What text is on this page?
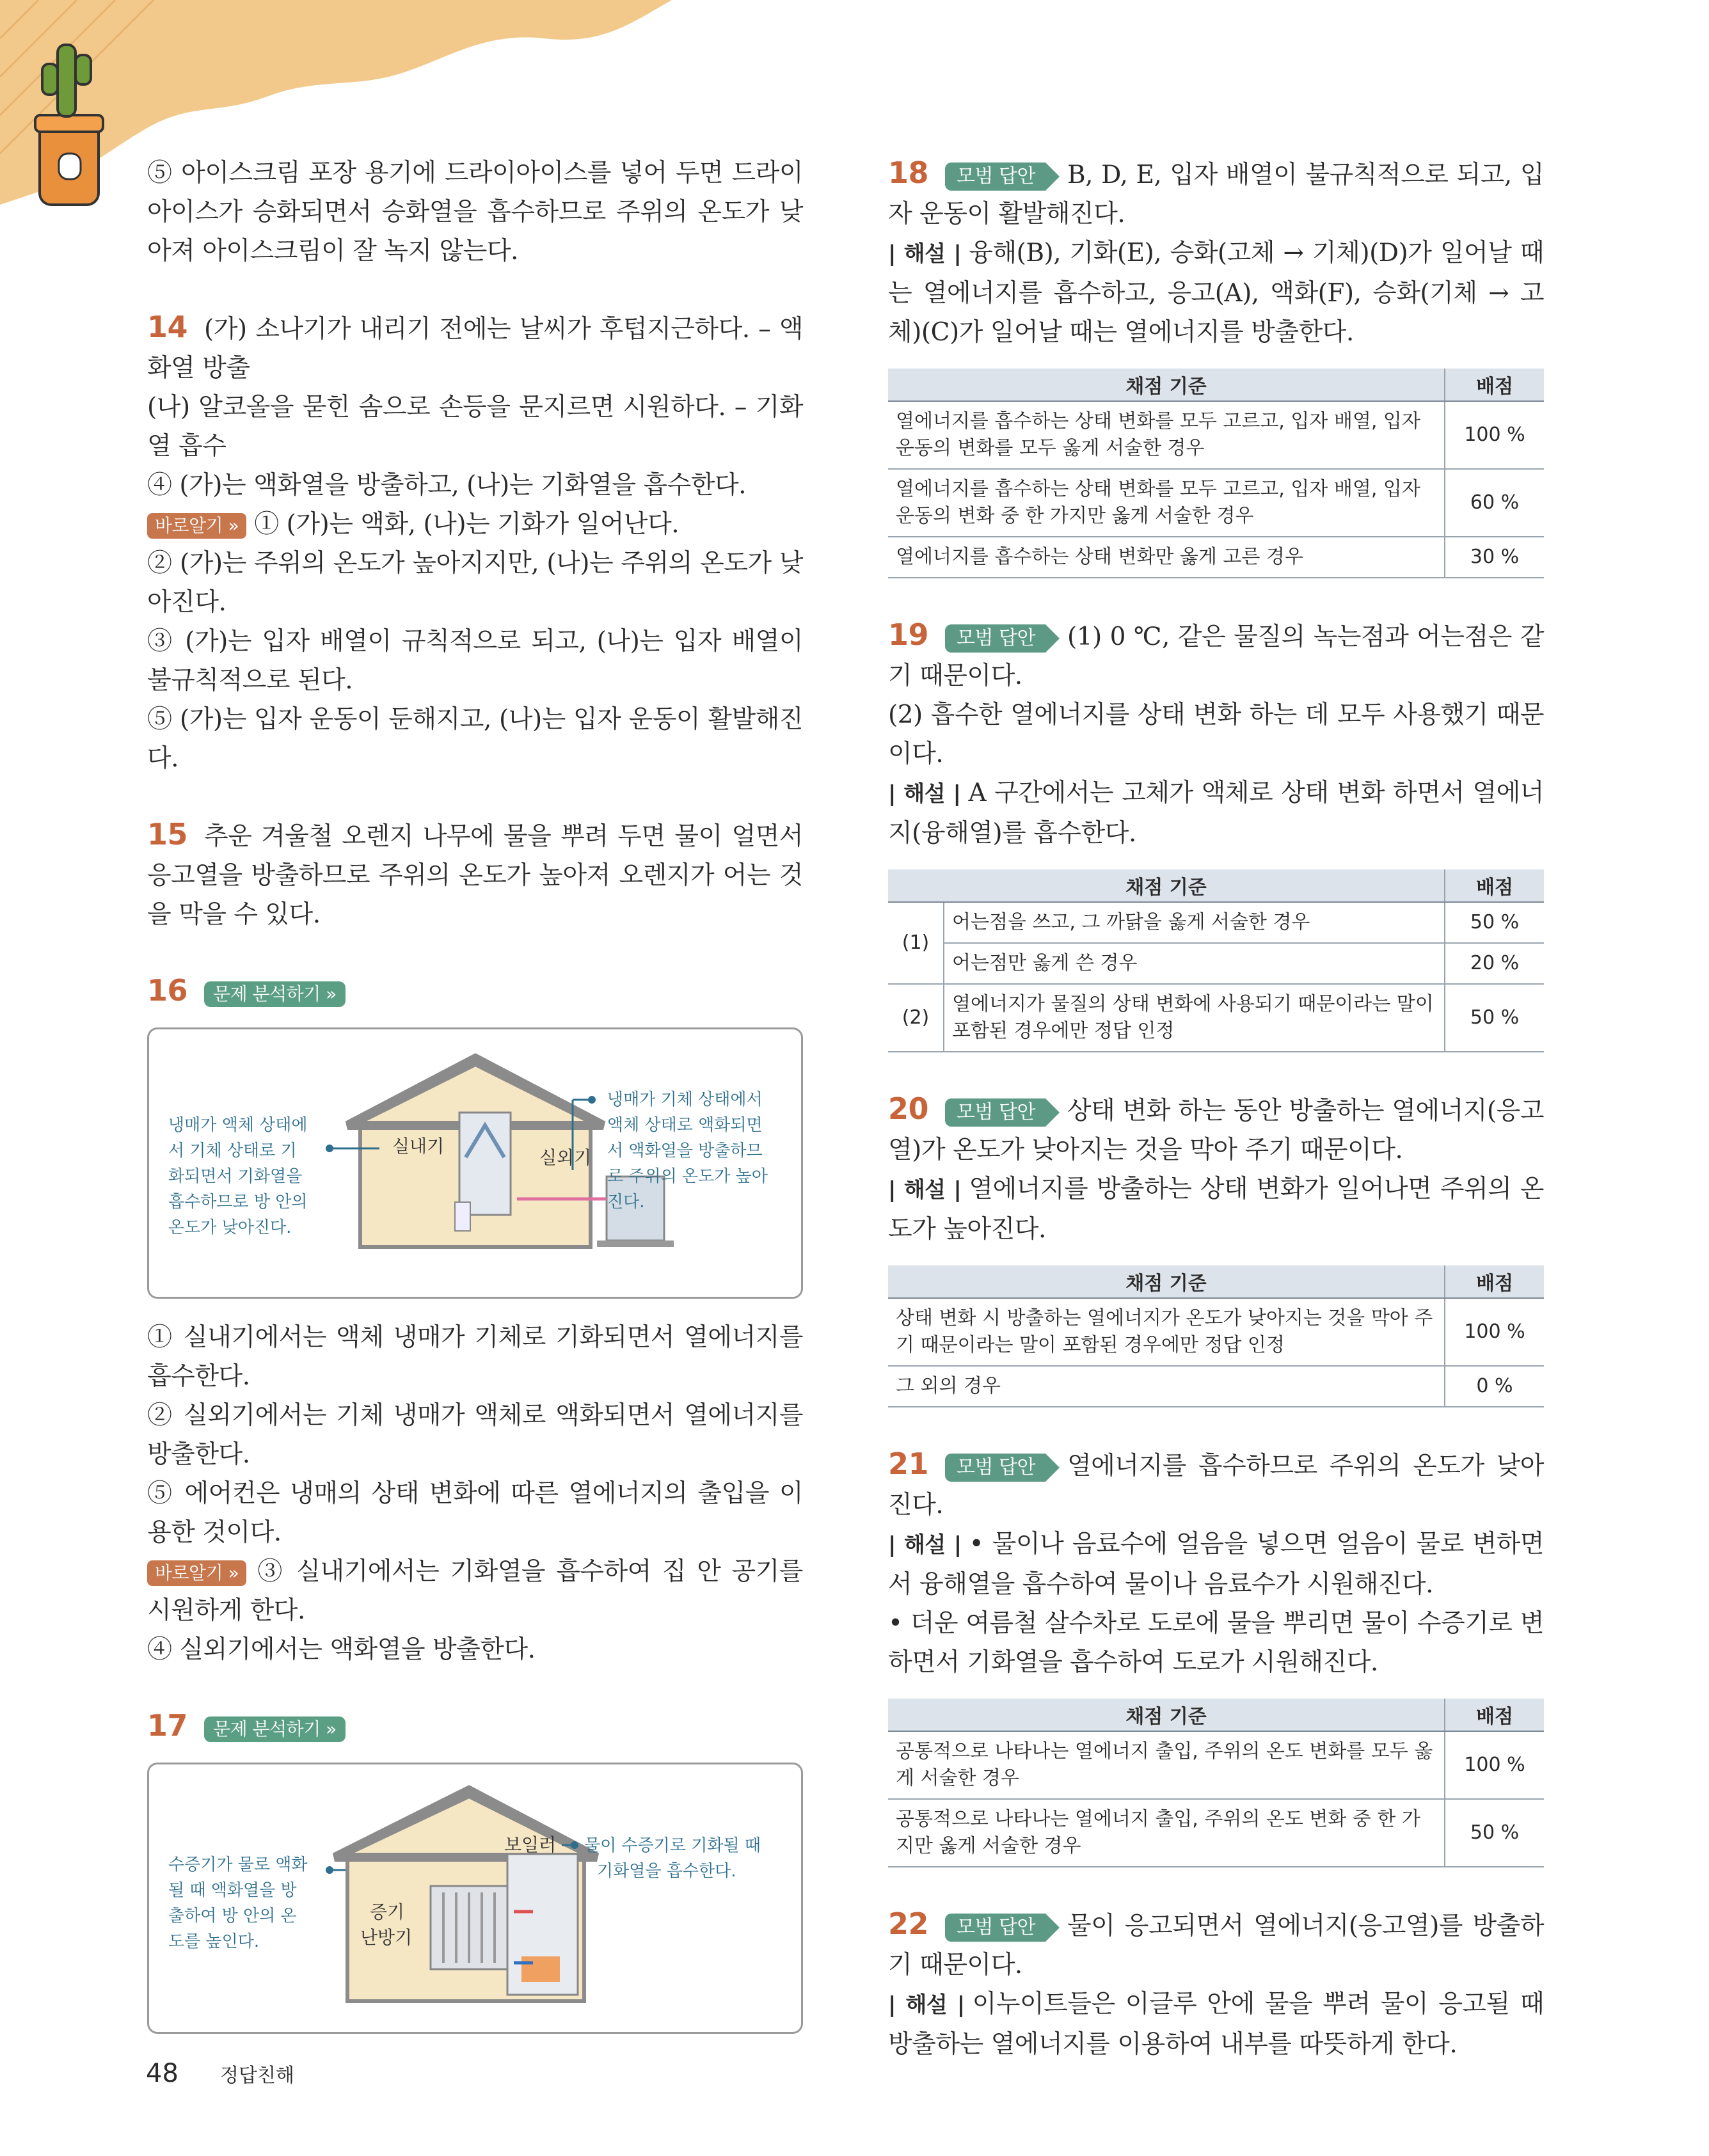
⑤ 아이스크림 포장 용기에 드라이아이스를 넣어 두면 드라이아이스가 승화되면서 승화열을 흡수하므로 주위의 온도가 낮아져 아이스크림이 잘 녹지 않는다.

14 (가) 소나기가 내리기 전에는 날씨가 후텁지근하다. – 액화열 방출

(나) 알코올을 묻힌 솜으로 손등을 문지르면 시원하다. – 기화열 흡수

④ (가)는 액화열을 방출하고, (나)는 기화열을 흡수한다.

바로알기 » ① (가)는 액화, (나)는 기화가 일어난다.

② (가)는 주위의 온도가 높아지지만, (나)는 주위의 온도가 낮아진다.

③ (가)는 입자 배열이 규칙적으로 되고, (나)는 입자 배열이 불규칙적으로 된다.

⑤ (가)는 입자 운동이 둔해지고, (나)는 입자 운동이 활발해진다.

15 추운 겨울철 오렌지 나무에 물을 뿌려 두면 물이 얼면서 응고열을 방출하므로 주위의 온도가 높아져 오렌지가 어는 것을 막을 수 있다.

16 문제 분석하기 »

냉매가 액체 상태에
서 기체 상태로 기
화되면서 기화열을
흡수하므로 방 안의
온도가 낮아진다.
실내기
실외기
냉매가 기체 상태에서
액체 상태로 액화되면
서 액화열을 방출하므
로 주위의 온도가 높아
진다.

① 실내기에서는 액체 냉매가 기체로 기화되면서 열에너지를 흡수한다.

② 실외기에서는 기체 냉매가 액체로 액화되면서 열에너지를 방출한다.

⑤ 에어컨은 냉매의 상태 변화에 따른 열에너지의 출입을 이용한 것이다.

바로알기 » ③ 실내기에서는 기화열을 흡수하여 집 안 공기를 시원하게 한다.

④ 실외기에서는 액화열을 방출한다.

17 문제 분석하기 »

수증기가 물로 액화
될 때 액화열을 방
출하여 방 안의 온
도를 높인다.
보일러
증기
난방기
물이 수증기로 기화될 때
기화열을 흡수한다.

18 모범 답안 B, D, E, 입자 배열이 불규칙적으로 되고, 입자 운동이 활발해진다.

| 해설 | 융해(B), 기화(E), 승화(고체 → 기체)(D)가 일어날 때는 열에너지를 흡수하고, 응고(A), 액화(F), 승화(기체 → 고체)(C)가 일어날 때는 열에너지를 방출한다.

채점 기준	배점
열에너지를 흡수하는 상태 변화를 모두 고르고, 입자 배열, 입자 운동의 변화를 모두 옳게 서술한 경우	100 %
열에너지를 흡수하는 상태 변화를 모두 고르고, 입자 배열, 입자 운동의 변화 중 한 가지만 옳게 서술한 경우	60 %
열에너지를 흡수하는 상태 변화만 옳게 고른 경우	30 %

19 모범 답안 (1) 0 ℃, 같은 물질의 녹는점과 어는점은 같기 때문이다.

(2) 흡수한 열에너지를 상태 변화 하는 데 모두 사용했기 때문이다.

| 해설 | A 구간에서는 고체가 액체로 상태 변화 하면서 열에너지(융해열)를 흡수한다.

채점 기준		배점
(1)	어는점을 쓰고, 그 까닭을 옳게 서술한 경우	50 %
	어는점만 옳게 쓴 경우	20 %
(2)	열에너지가 물질의 상태 변화에 사용되기 때문이라는 말이 포함된 경우에만 정답 인정	50 %

20 모범 답안 상태 변화 하는 동안 방출하는 열에너지(응고열)가 온도가 낮아지는 것을 막아 주기 때문이다.

| 해설 | 열에너지를 방출하는 상태 변화가 일어나면 주위의 온도가 높아진다.

채점 기준	배점
상태 변화 시 방출하는 열에너지가 온도가 낮아지는 것을 막아 주기 때문이라는 말이 포함된 경우에만 정답 인정	100 %
그 외의 경우	0 %

21 모범 답안 열에너지를 흡수하므로 주위의 온도가 낮아진다.

| 해설 | • 물이나 음료수에 얼음을 넣으면 얼음이 물로 변하면서 융해열을 흡수하여 물이나 음료수가 시원해진다.

• 더운 여름철 살수차로 도로에 물을 뿌리면 물이 수증기로 변하면서 기화열을 흡수하여 도로가 시원해진다.

채점 기준	배점
공통적으로 나타나는 열에너지 출입, 주위의 온도 변화를 모두 옳게 서술한 경우	100 %
공통적으로 나타나는 열에너지 출입, 주위의 온도 변화 중 한 가지만 옳게 서술한 경우	50 %

22 모범 답안 물이 응고되면서 열에너지(응고열)를 방출하기 때문이다.

| 해설 | 이누이트들은 이글루 안에 물을 뿌려 물이 응고될 때 방출하는 열에너지를 이용하여 내부를 따뜻하게 한다.

48 정답친해
